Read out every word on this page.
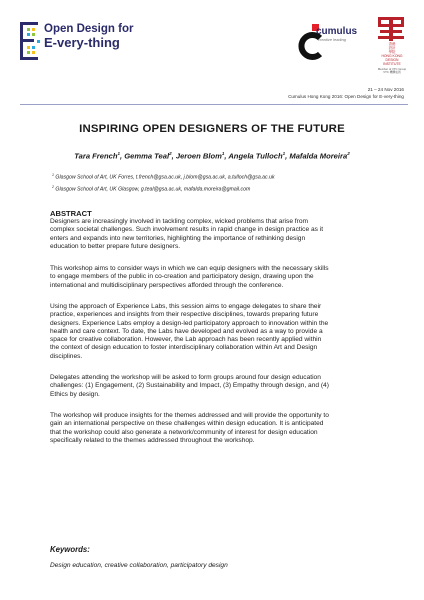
Open Design for
E-very-thing
cumulus
creative leading
香港
設計
學院
HONG KONG
DESIGN
INSTITUTE
Member of VTC Group
VTC 機構成員
21 – 24 Nov 2016
Cumulus Hong Kong 2016: Open Design for E-very-thing
INSPIRING OPEN DESIGNERS OF THE FUTURE
Tara French$^1$, Gemma Teal$^2$, Jeroen Blom$^1$, Angela Tulloch$^1$, Mafalda Moreira$^2$
$^1$ Glasgow School of Art, UK Forres, t.french@gsa.ac.uk, j.blom@gsa.ac.uk, a.tulloch@gsa.ac.uk
$^2$ Glasgow School of Art, UK Glasgow, g.teal@gsa.ac.uk, mafalda.moreira@gmail.com
ABSTRACT
Designers are increasingly involved in tackling complex, wicked problems that arise from
complex societal challenges. Such involvement results in rapid change in design practice as it
enters and expands into new territories, highlighting the importance of rethinking design
education to better prepare future designers.
This workshop aims to consider ways in which we can equip designers with the necessary skills
to engage members of the public in co-creation and participatory design, drawing upon the
international and multidisciplinary perspectives afforded through the conference.
Using the approach of Experience Labs, this session aims to engage delegates to share their
practice, experiences and insights from their respective disciplines, towards preparing future
designers. Experience Labs employ a design-led participatory approach to innovation within the
health and care context. To date, the Labs have developed and evolved as a way to provide a
space for creative collaboration. However, the Lab approach has been recently applied within
the context of design education to foster interdisciplinary collaboration within Art and Design
disciplines.
Delegates attending the workshop will be asked to form groups around four design education
challenges: (1) Engagement, (2) Sustainability and Impact, (3) Empathy through design, and (4)
Ethics by design.
The workshop will produce insights for the themes addressed and will provide the opportunity to
gain an international perspective on these challenges within design education. It is anticipated
that the workshop could also generate a network/community of interest for design education
specifically related to the themes addressed throughout the workshop.
Keywords:
Design education, creative collaboration, participatory design
